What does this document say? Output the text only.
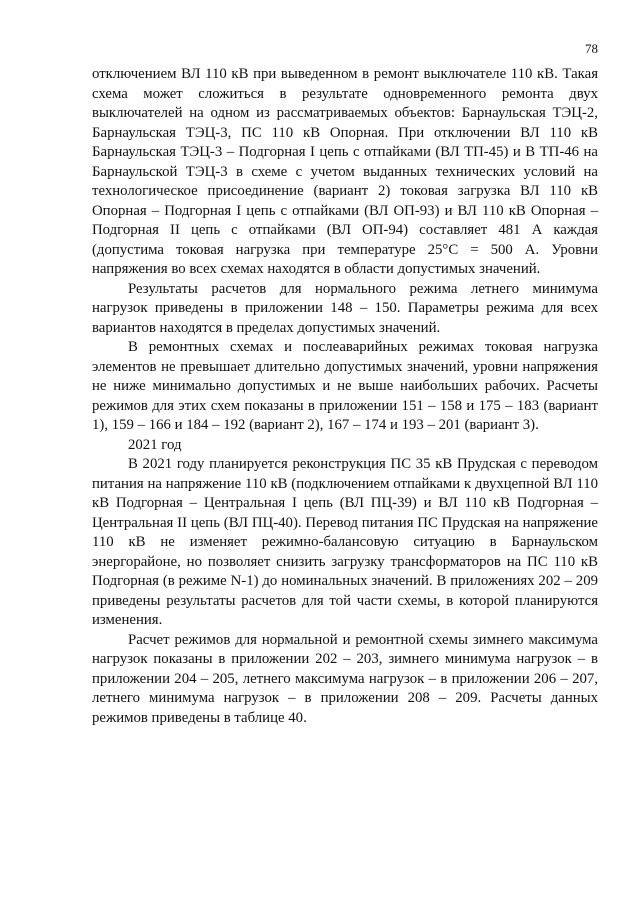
78

отключением ВЛ 110 кВ при выведенном в ремонт выключателе 110 кВ. Такая схема может сложиться в результате одновременного ремонта двух выключателей на одном из рассматриваемых объектов: Барнаульская ТЭЦ-2, Барнаульская ТЭЦ-3, ПС 110 кВ Опорная. При отключении ВЛ 110 кВ Барнаульская ТЭЦ-3 – Подгорная I цепь с отпайками (ВЛ ТП-45) и В ТП-46 на Барнаульской ТЭЦ-3 в схеме с учетом выданных технических условий на технологическое присоединение (вариант 2) токовая загрузка ВЛ 110 кВ Опорная – Подгорная I цепь с отпайками (ВЛ ОП-93) и ВЛ 110 кВ Опорная – Подгорная II цепь с отпайками (ВЛ ОП-94) составляет 481 А каждая (допустима токовая нагрузка при температуре 25°С = 500 А. Уровни напряжения во всех схемах находятся в области допустимых значений.

Результаты расчетов для нормального режима летнего минимума нагрузок приведены в приложении 148 – 150. Параметры режима для всех вариантов находятся в пределах допустимых значений.

В ремонтных схемах и послеаварийных режимах токовая нагрузка элементов не превышает длительно допустимых значений, уровни напряжения не ниже минимально допустимых и не выше наибольших рабочих. Расчеты режимов для этих схем показаны в приложении 151 – 158 и 175 – 183 (вариант 1), 159 – 166 и 184 – 192 (вариант 2), 167 – 174 и 193 – 201 (вариант 3).

2021 год

В 2021 году планируется реконструкция ПС 35 кВ Прудская с переводом питания на напряжение 110 кВ (подключением отпайками к двухцепной ВЛ 110 кВ Подгорная – Центральная I цепь (ВЛ ПЦ-39) и ВЛ 110 кВ Подгорная – Центральная II цепь (ВЛ ПЦ-40). Перевод питания ПС Прудская на напряжение 110 кВ не изменяет режимно-балансовую ситуацию в Барнаульском энергорайоне, но позволяет снизить загрузку трансформаторов на ПС 110 кВ Подгорная (в режиме N-1) до номинальных значений. В приложениях 202 – 209 приведены результаты расчетов для той части схемы, в которой планируются изменения.

Расчет режимов для нормальной и ремонтной схемы зимнего максимума нагрузок показаны в приложении 202 – 203, зимнего минимума нагрузок – в приложении 204 – 205, летнего максимума нагрузок – в приложении 206 – 207, летнего минимума нагрузок – в приложении 208 – 209. Расчеты данных режимов приведены в таблице 40.
